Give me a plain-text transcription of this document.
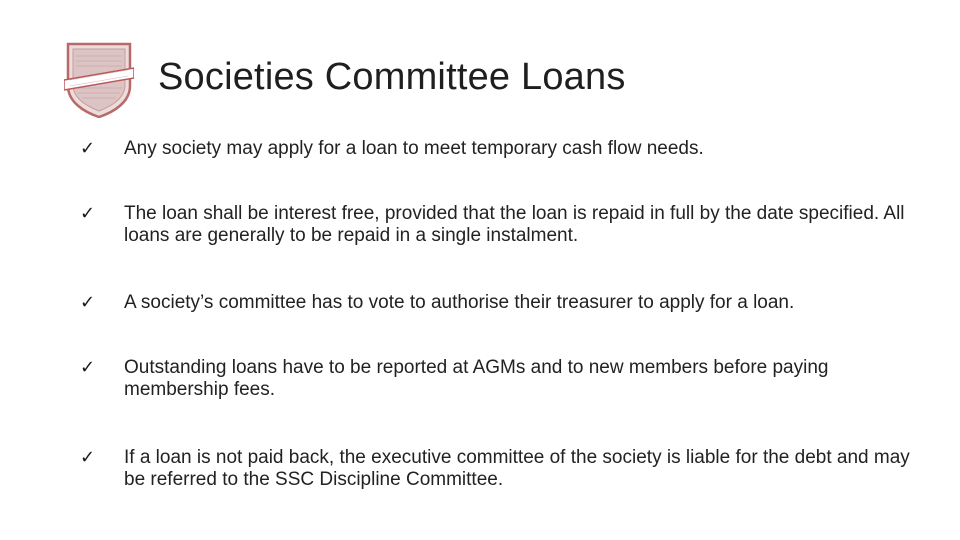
Societies Committee Loans
✓	Any society may apply for a loan to meet temporary cash flow needs.
✓	The loan shall be interest free, provided that the loan is repaid in full by the date specified. All loans are generally to be repaid in a single instalment.
✓	A society’s committee has to vote to authorise their treasurer to apply for a loan.
✓	Outstanding loans have to be reported at AGMs and to new members before paying membership fees.
✓	If a loan is not paid back, the executive committee of the society is liable for the debt and may be referred to the SSC Discipline Committee.
